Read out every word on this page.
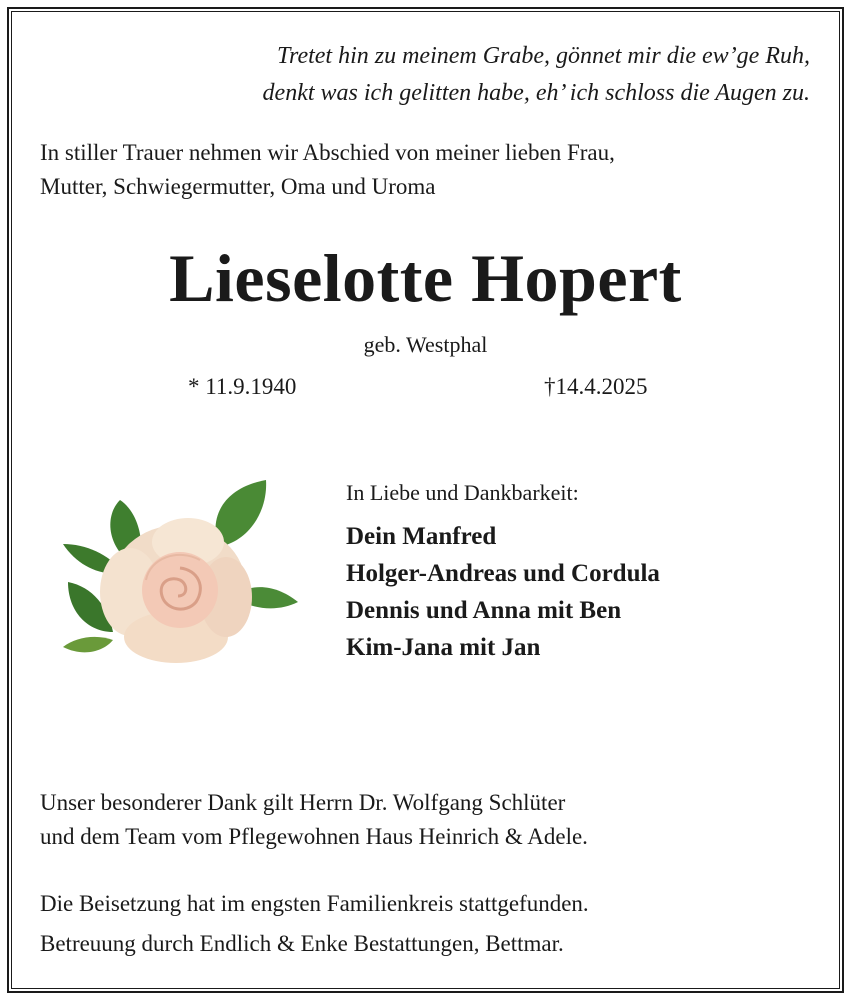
Tretet hin zu meinem Grabe, gönnet mir die ew’ge Ruh,
denkt was ich gelitten habe, eh’ ich schloss die Augen zu.
In stiller Trauer nehmen wir Abschied von meiner lieben Frau,
Mutter, Schwiegermutter, Oma und Uroma
Lieselotte Hopert
geb. Westphal
* 11.9.1940	†14.4.2025
In Liebe und Dankbarkeit:
Dein Manfred
Holger-Andreas und Cordula
Dennis und Anna mit Ben
Kim-Jana mit Jan
Unser besonderer Dank gilt Herrn Dr. Wolfgang Schlüter
und dem Team vom Pflegewohnen Haus Heinrich & Adele.
Die Beisetzung hat im engsten Familienkreis stattgefunden.
Betreuung durch Endlich & Enke Bestattungen, Bettmar.
